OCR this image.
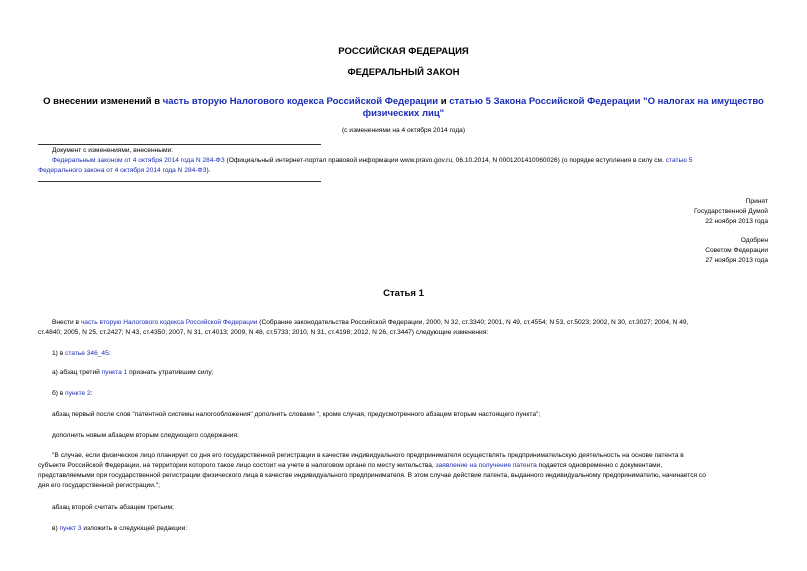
РОССИЙСКАЯ ФЕДЕРАЦИЯ
ФЕДЕРАЛЬНЫЙ ЗАКОН
О внесении изменений в часть вторую Налогового кодекса Российской Федерации и статью 5 Закона Российской Федерации "О налогах на имущество
физических лиц"
(с изменениями на 4 октября 2014 года)
Документ с изменениями, внесенными:
Федеральным законом от 4 октября 2014 года N 284-ФЗ (Официальный интернет-портал правовой информации www.pravo.gov.ru, 06.10.2014, N 0001201410060026) (о порядке вступления в силу см. статью 5
Федерального закона от 4 октября 2014 года N 284-ФЗ).
Принят
Государственной Думой
22 ноября 2013 года
Одобрен
Советом Федерации
27 ноября 2013 года
Статья 1
Внести в часть вторую Налогового кодекса Российской Федерации (Собрание законодательства Российской Федерации, 2000, N 32, ст.3340; 2001, N 49, ст.4554; N 53, ст.5023; 2002, N 30, ст.3027; 2004, N 49,
ст.4840; 2005, N 25, ст.2427; N 43, ст.4350; 2007, N 31, ст.4013; 2009, N 48, ст.5733; 2010, N 31, ст.4198; 2012, N 26, ст.3447) следующие изменения:
1) в статье 346_45:
а) абзац третий пункта 1 признать утратившим силу;
б) в пункте 2:
абзац первый после слов "патентной системы налогообложения" дополнить словами ", кроме случая, предусмотренного абзацем вторым настоящего пункта";
дополнить новым абзацем вторым следующего содержания:
"В случае, если физическое лицо планирует со дня его государственной регистрации в качестве индивидуального предпринимателя осуществлять предпринимательскую деятельность на основе патента в
субъекте Российской Федерации, на территории которого такое лицо состоит на учете в налоговом органе по месту жительства, заявление на получение патента подается одновременно с документами,
представляемыми при государственной регистрации физического лица в качестве индивидуального предпринимателя. В этом случае действие патента, выданного индивидуальному предпринимателю, начинается со
дня его государственной регистрации.";
абзац второй считать абзацем третьим;
в) пункт 3 изложить в следующей редакции:
